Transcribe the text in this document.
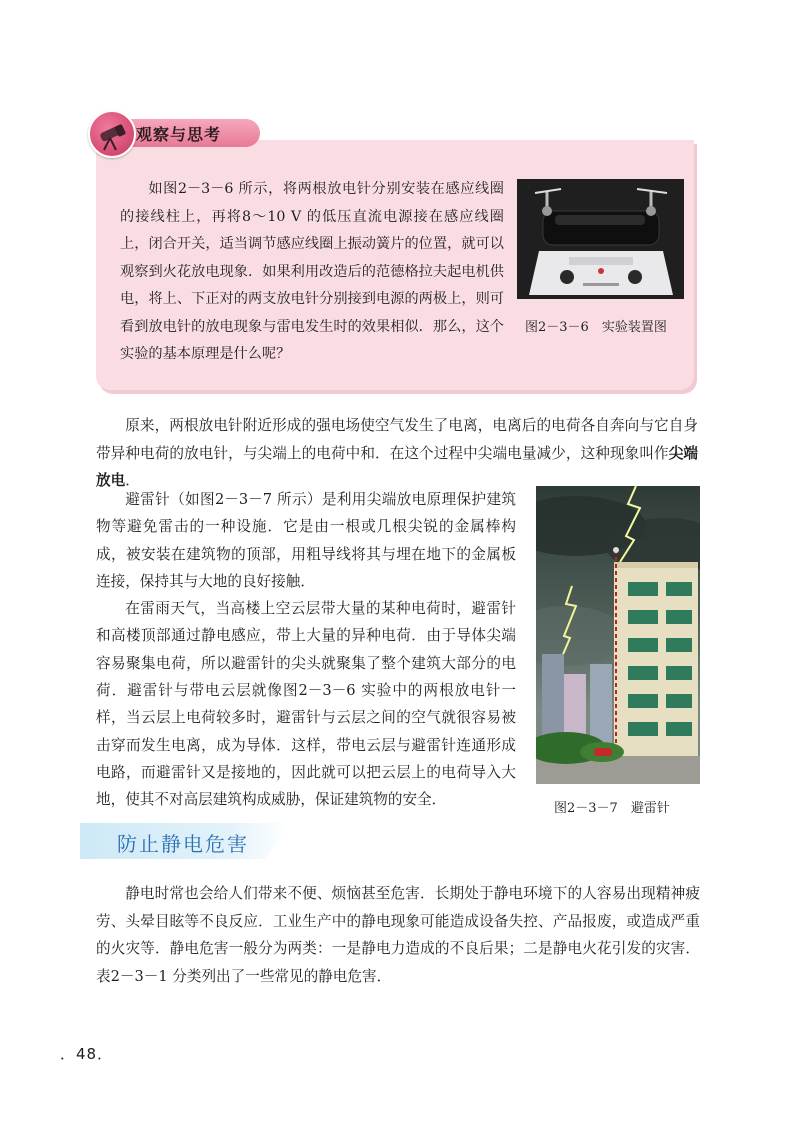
观察与思考

如图2－3－6 所示，将两根放电针分别安装在感应线圈的接线柱上，再将8～10 V 的低压直流电源接在感应线圈上，闭合开关，适当调节感应线圈上振动簧片的位置，就可以观察到火花放电现象．如果利用改造后的范德格拉夫起电机供电，将上、下正对的两支放电针分别接到电源的两极上，则可看到放电针的放电现象与雷电发生时的效果相似．那么，这个实验的基本原理是什么呢？

图2－3－6　实验装置图

原来，两根放电针附近形成的强电场使空气发生了电离，电离后的电荷各自奔向与它自身带异种电荷的放电针，与尖端上的电荷中和．在这个过程中尖端电量减少，这种现象叫作尖端放电．

避雷针（如图2－3－7 所示）是利用尖端放电原理保护建筑物等避免雷击的一种设施．它是由一根或几根尖锐的金属棒构成，被安装在建筑物的顶部，用粗导线将其与埋在地下的金属板连接，保持其与大地的良好接触．

在雷雨天气，当高楼上空云层带大量的某种电荷时，避雷针和高楼顶部通过静电感应，带上大量的异种电荷．由于导体尖端容易聚集电荷，所以避雷针的尖头就聚集了整个建筑大部分的电荷．避雷针与带电云层就像图2－3－6 实验中的两根放电针一样，当云层上电荷较多时，避雷针与云层之间的空气就很容易被击穿而发生电离，成为导体．这样，带电云层与避雷针连通形成电路，而避雷针又是接地的，因此就可以把云层上的电荷导入大地，使其不对高层建筑构成威胁，保证建筑物的安全．

图2－3－7　避雷针
防止静电危害

静电时常也会给人们带来不便、烦恼甚至危害．长期处于静电环境下的人容易出现精神疲劳、头晕目眩等不良反应．工业生产中的静电现象可能造成设备失控、产品报废，或造成严重的火灾等．静电危害一般分为两类：一是静电力造成的不良后果；二是静电火花引发的灾害．表2－3－1 分类列出了一些常见的静电危害．

．48．
